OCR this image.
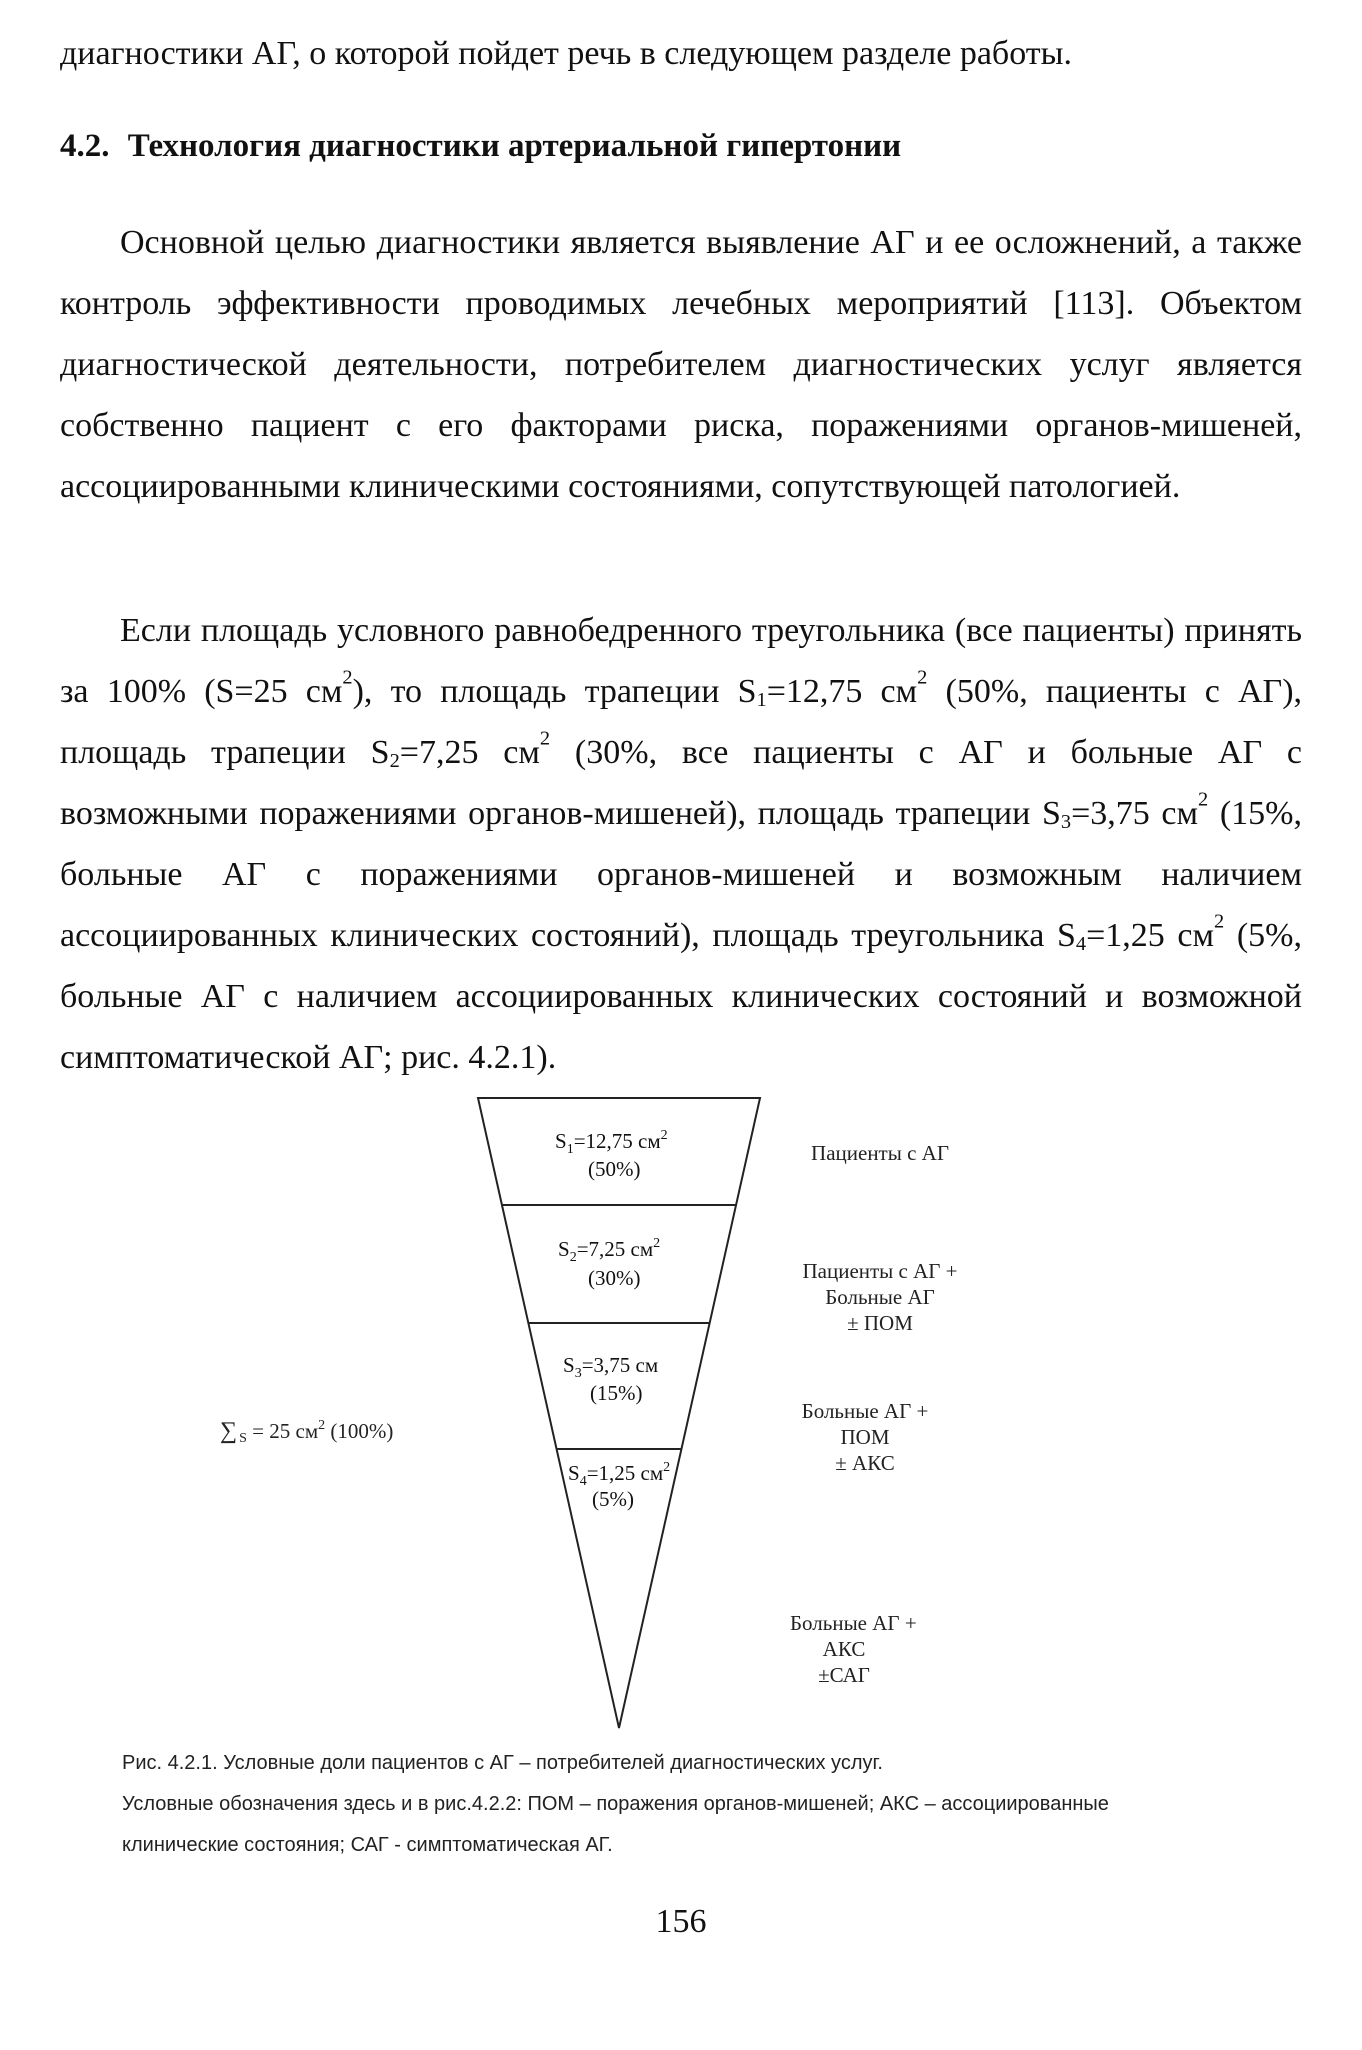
диагностики АГ, о которой пойдет речь в следующем разделе работы.
4.2. Технология диагностики артериальной гипертонии

Основной целью диагностики является выявление АГ и ее осложнений, а также контроль эффективности проводимых лечебных мероприятий [113]. Объектом диагностической деятельности, потребителем диагностических услуг является собственно пациент с его факторами риска, поражениями органов-мишеней, ассоциированными клиническими состояниями, сопутствующей патологией.

Если площадь условного равнобедренного треугольника (все пациенты) принять за 100% (S=25 $см^2$), то площадь трапеции $S_1=12,75$ $см^2$ (50%, пациенты с АГ), площадь трапеции $S_2=7,25$ $см^2$ (30%, все пациенты с АГ и больные АГ с возможными поражениями органов-мишеней), площадь трапеции $S_3=3,75$ $см^2$ (15%, больные АГ с поражениями органов-мишеней и возможным наличием ассоциированных клинических состояний), площадь треугольника $S_4=1,25$ $см^2$ (5%, больные АГ с наличием ассоциированных клинических состояний и возможной симптоматической АГ; рис. 4.2.1).

$S_1=12,75$ $см^2$
(50%)
$S_2=7,25$ $см^2$
(30%)
$S_3=3,75$ см
(15%)
$S_4=1,25$ $см^2$
(5%)
Пациенты с АГ
Пациенты с АГ +
Больные АГ
± ПОМ
Больные АГ +
ПОМ
± АКС
Больные АГ +
АКС
±САГ
∑ S = 25 $см^2$ (100%)

Рис. 4.2.1. Условные доли пациентов с АГ – потребителей диагностических услуг.

Условные обозначения здесь и в рис.4.2.2: ПОМ – поражения органов-мишеней; АКС – ассоциированные

клинические состояния; САГ - симптоматическая АГ.

156
